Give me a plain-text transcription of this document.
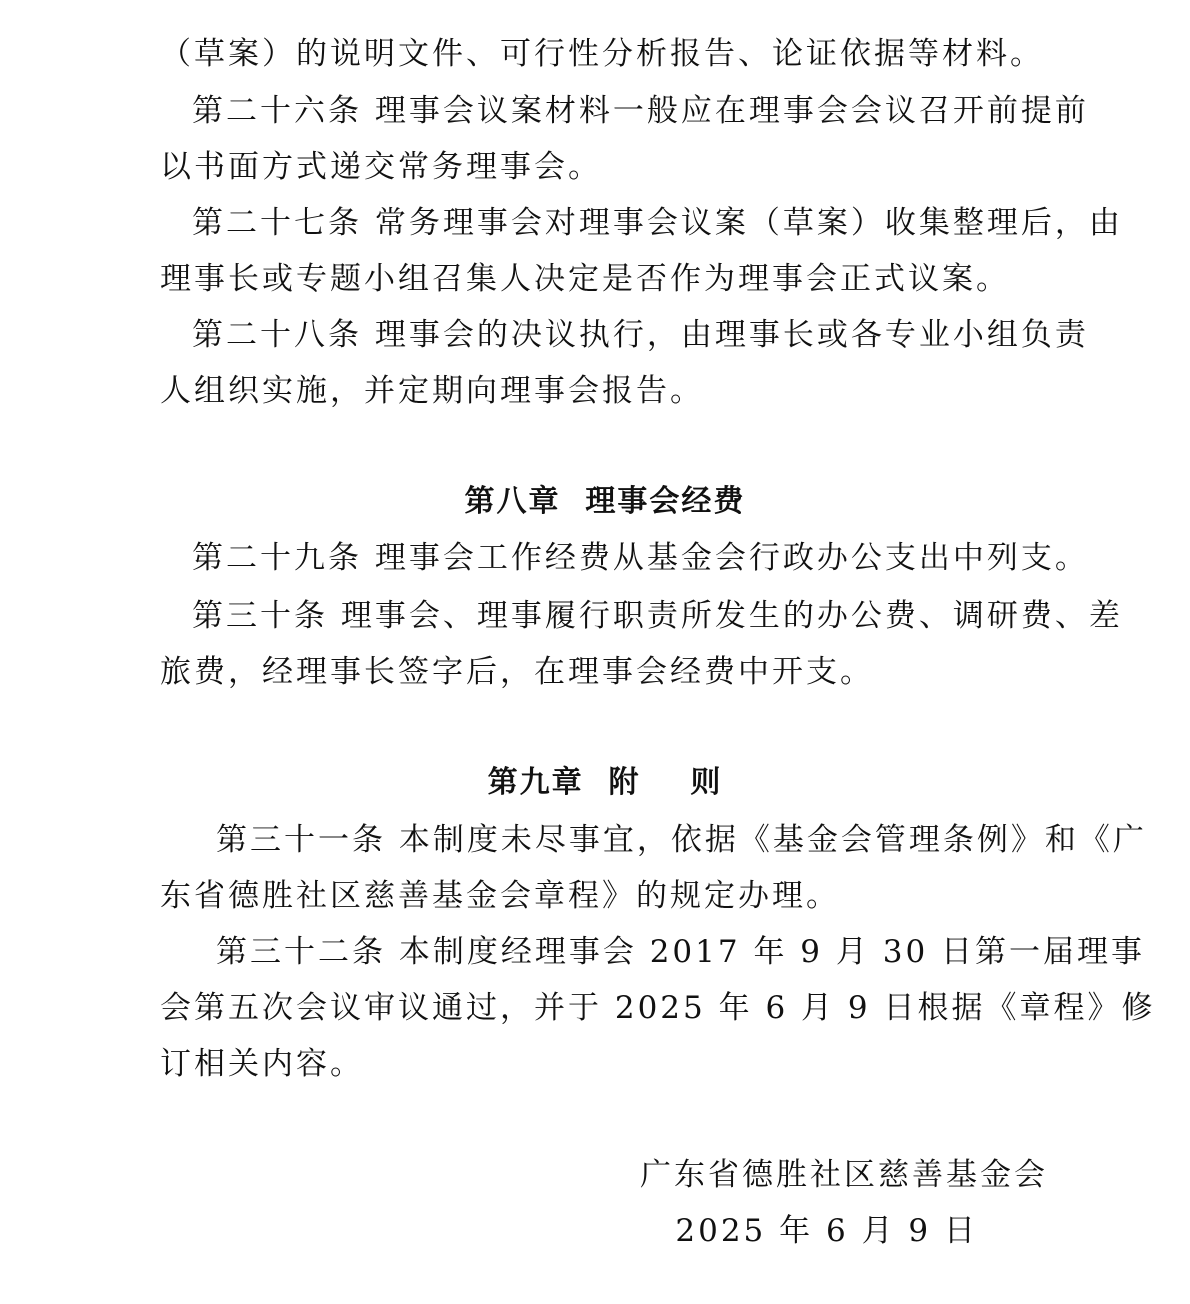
（草案）的说明文件、可行性分析报告、论证依据等材料。
第二十六条 理事会议案材料一般应在理事会会议召开前提前
以书面方式递交常务理事会。
第二十七条 常务理事会对理事会议案（草案）收集整理后，由
理事长或专题小组召集人决定是否作为理事会正式议案。
第二十八条 理事会的决议执行，由理事长或各专业小组负责
人组织实施，并定期向理事会报告。
第八章  理事会经费
第二十九条 理事会工作经费从基金会行政办公支出中列支。
第三十条 理事会、理事履行职责所发生的办公费、调研费、差
旅费，经理事长签字后，在理事会经费中开支。
第九章  附    则
第三十一条 本制度未尽事宜，依据《基金会管理条例》和《广
东省德胜社区慈善基金会章程》的规定办理。
第三十二条 本制度经理事会 2017 年 9 月 30 日第一届理事
会第五次会议审议通过，并于 2025 年 6 月 9 日根据《章程》修
订相关内容。
广东省德胜社区慈善基金会
2025 年 6 月 9 日
